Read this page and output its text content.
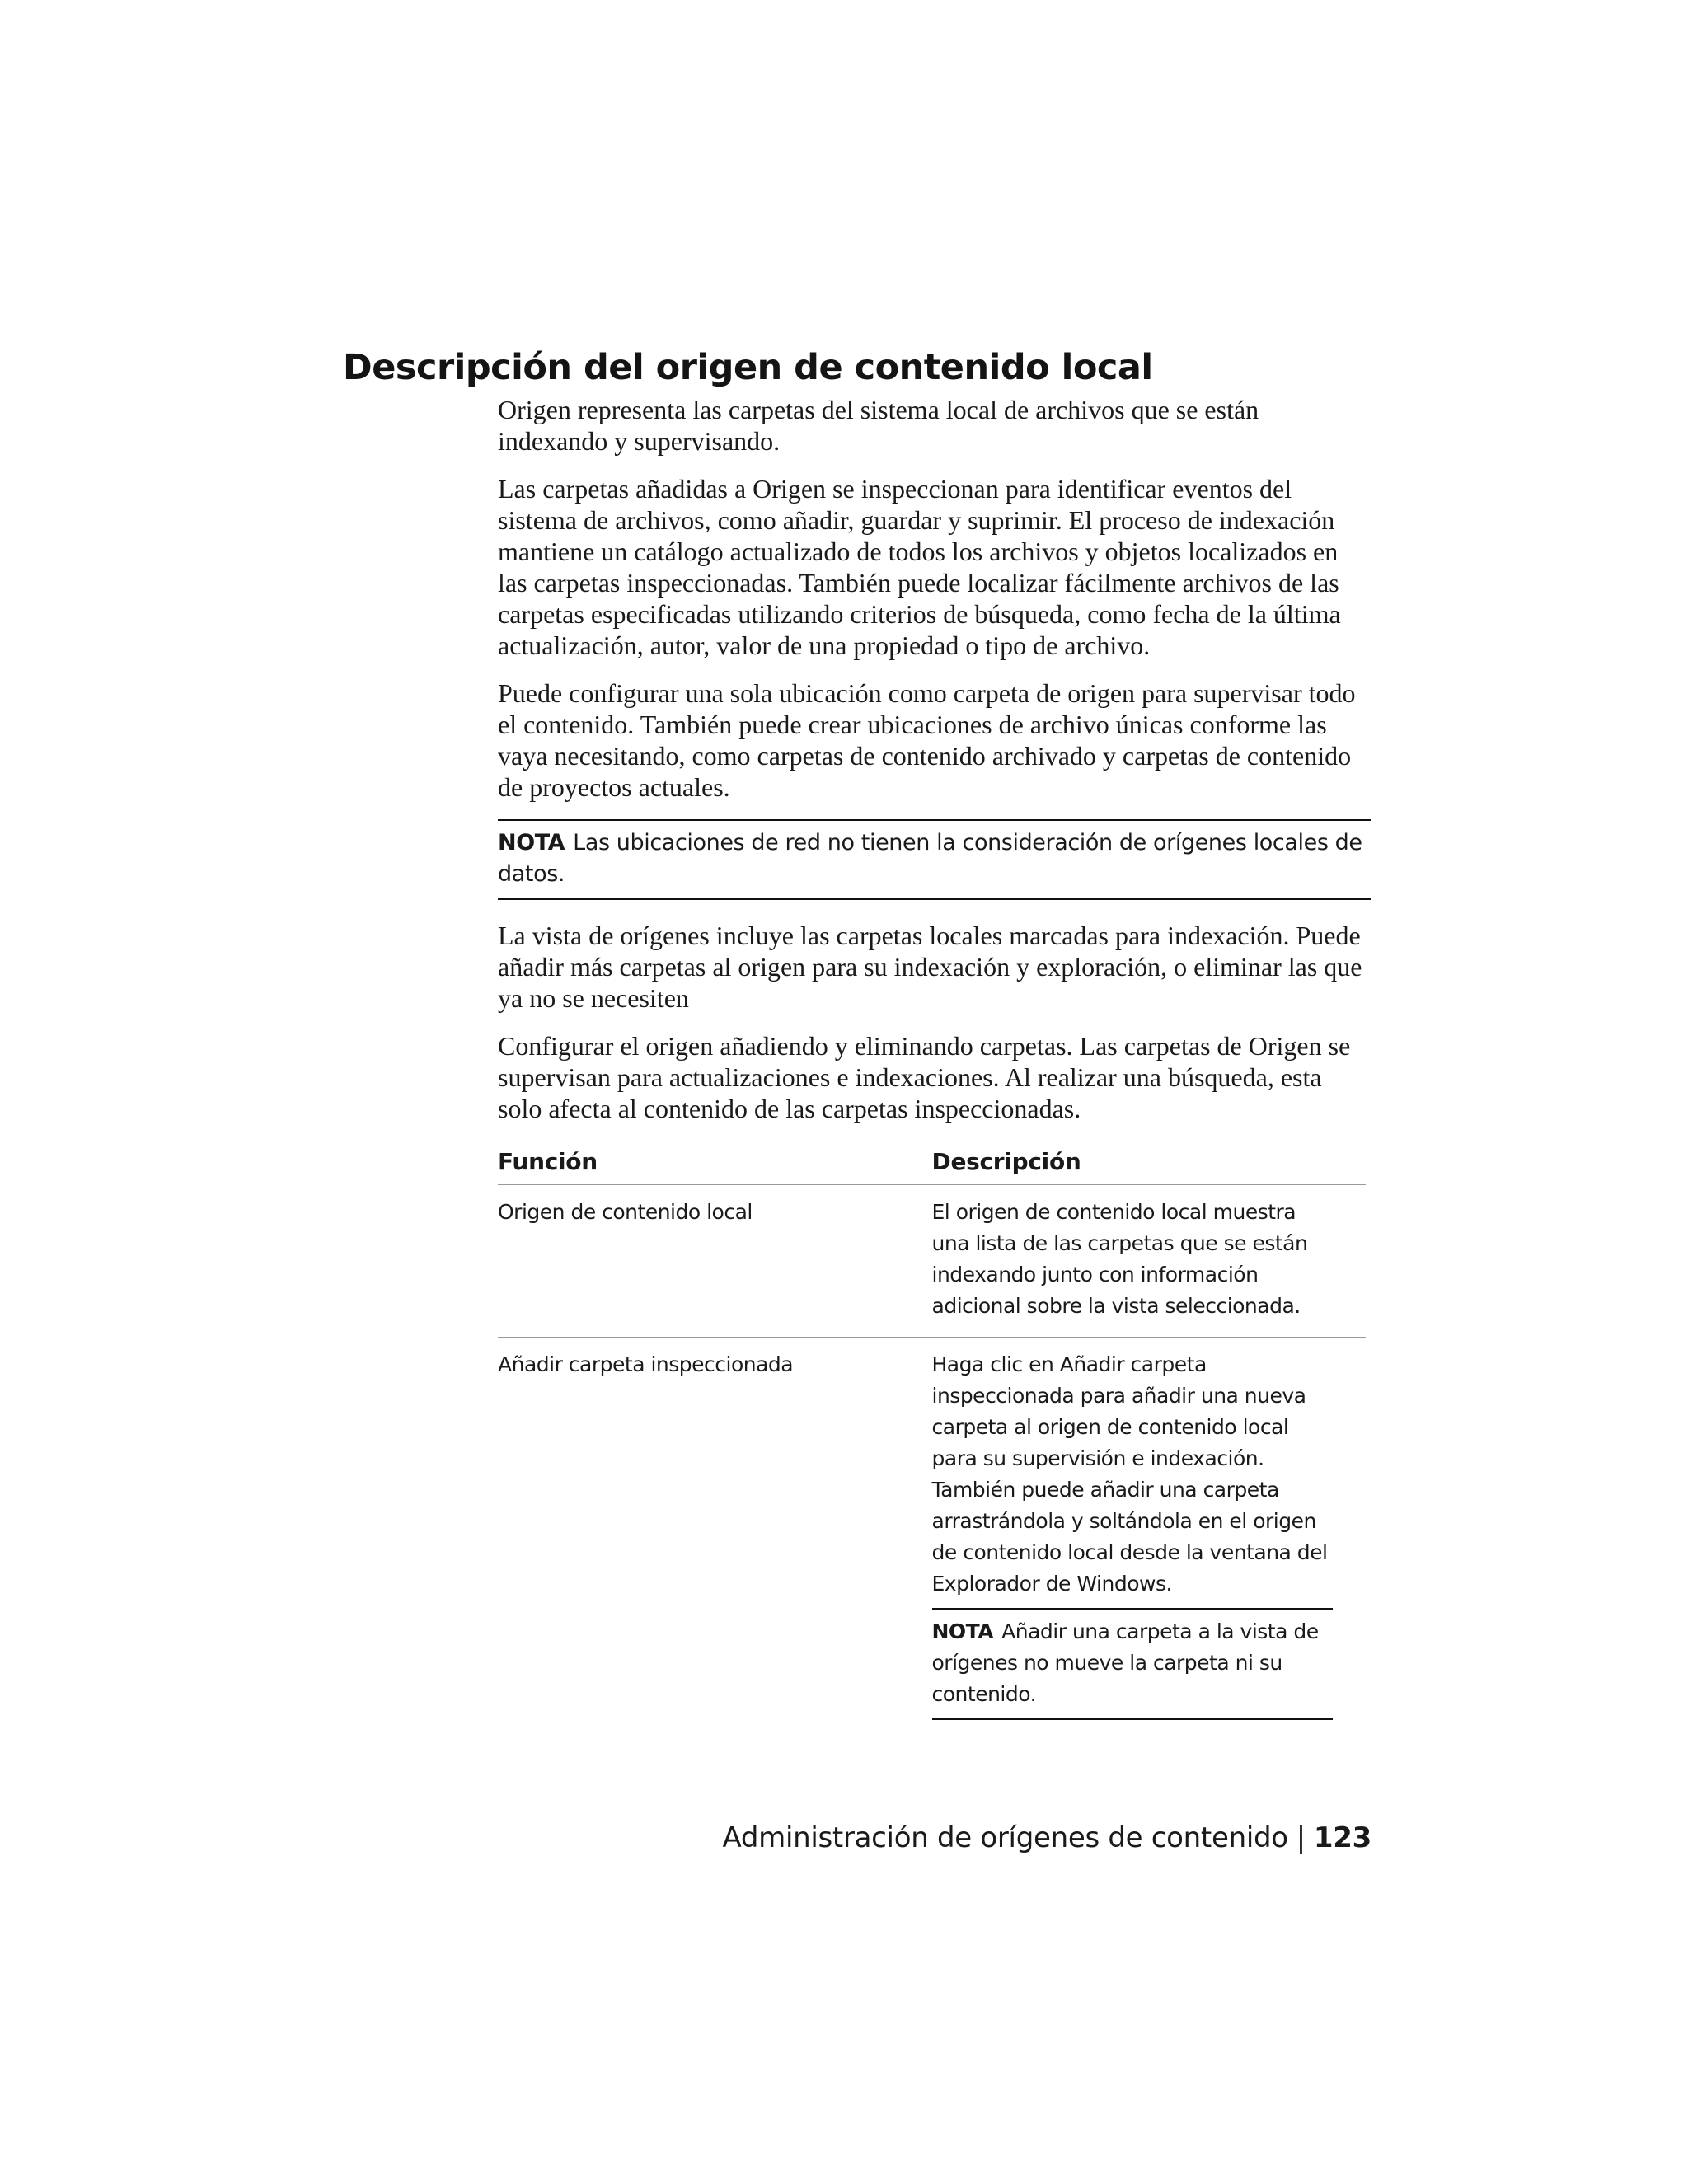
Descripción del origen de contenido local

Origen representa las carpetas del sistema local de archivos que se están indexando y supervisando.

Las carpetas añadidas a Origen se inspeccionan para identificar eventos del sistema de archivos, como añadir, guardar y suprimir. El proceso de indexación mantiene un catálogo actualizado de todos los archivos y objetos localizados en las carpetas inspeccionadas. También puede localizar fácilmente archivos de las carpetas especificadas utilizando criterios de búsqueda, como fecha de la última actualización, autor, valor de una propiedad o tipo de archivo.

Puede configurar una sola ubicación como carpeta de origen para supervisar todo el contenido. También puede crear ubicaciones de archivo únicas conforme las vaya necesitando, como carpetas de contenido archivado y carpetas de contenido de proyectos actuales.

NOTA Las ubicaciones de red no tienen la consideración de orígenes locales de datos.

La vista de orígenes incluye las carpetas locales marcadas para indexación. Puede añadir más carpetas al origen para su indexación y exploración, o eliminar las que ya no se necesiten

Configurar el origen añadiendo y eliminando carpetas. Las carpetas de Origen se supervisan para actualizaciones e indexaciones. Al realizar una búsqueda, esta solo afecta al contenido de las carpetas inspeccionadas.

Función	Descripción
Origen de contenido local	El origen de contenido local muestra una lista de las carpetas que se están indexando junto con información adicional sobre la vista seleccionada.
Añadir carpeta inspeccionada	Haga clic en Añadir carpeta inspeccionada para añadir una nueva carpeta al origen de contenido local para su supervisión e indexación. También puede añadir una carpeta arrastrándola y soltándola en el origen de contenido local desde la ventana del Explorador de Windows.
NOTA Añadir una carpeta a la vista de orígenes no mueve la carpeta ni su contenido.
Administración de orígenes de contenido | 123
